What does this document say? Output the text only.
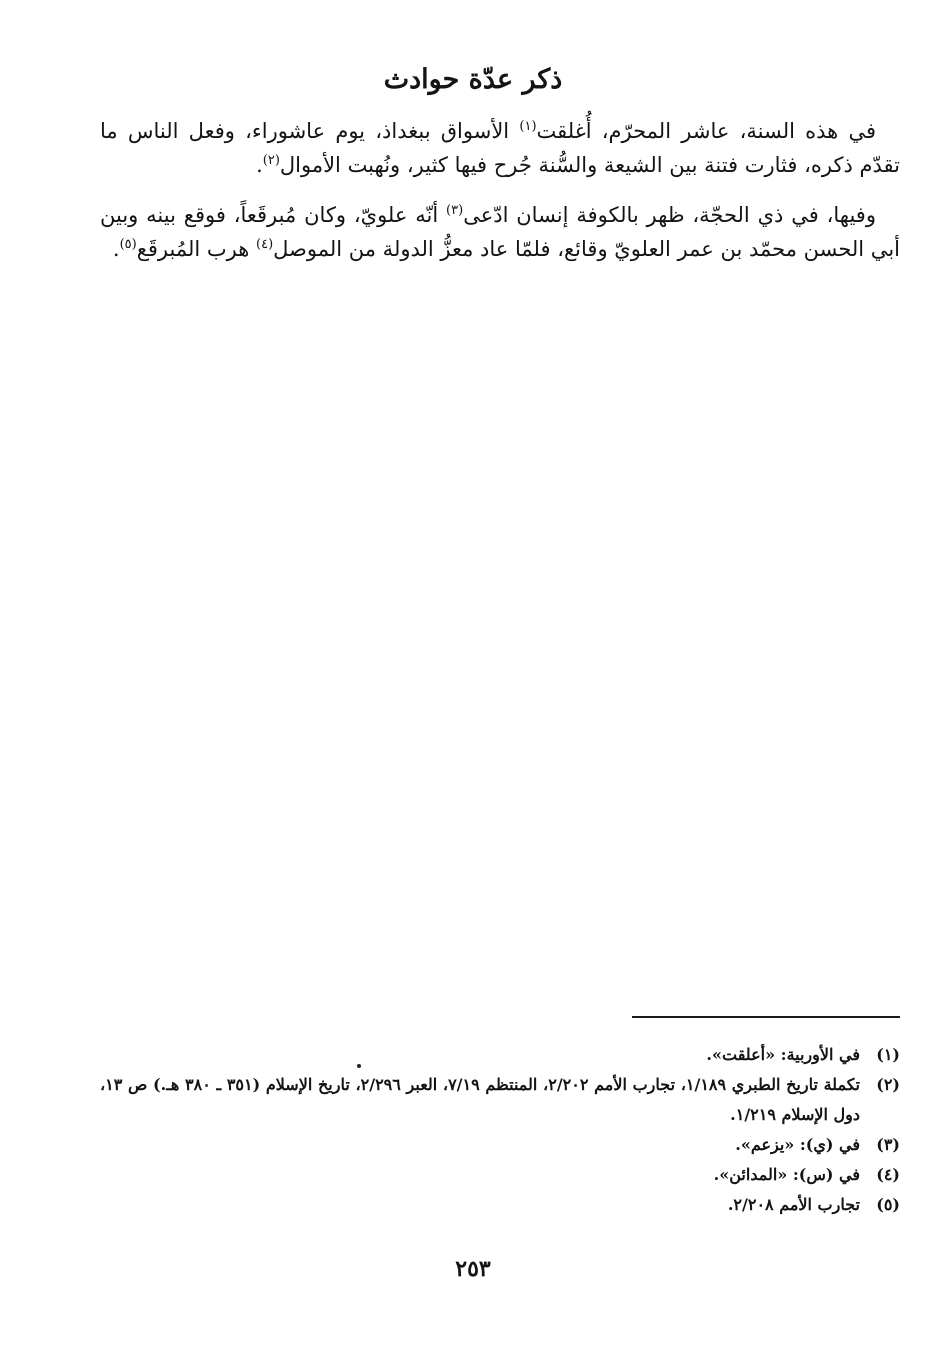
ذكر عدّة حوادث

في هذه السنة، عاشر المحرّم، أُغلقت$^{(١)}$ الأسواق ببغداذ، يوم عاشوراء، وفعل الناس ما تقدّم ذكره، فثارت فتنة بين الشيعة والسُّنة جُرح فيها كثير، ونُهبت الأموال$^{(٢)}$.

وفيها، في ذي الحجّة، ظهر بالكوفة إنسان ادّعى$^{(٣)}$ أنّه علويّ، وكان مُبرقَعاً، فوقع بينه وبين أبي الحسن محمّد بن عمر العلويّ وقائع، فلمّا عاد معزُّ الدولة من الموصل$^{(٤)}$ هرب المُبرقَع$^{(٥)}$.

(١)
في الأوربية: «أعلقت».
(٢)
تكملة تاريخ الطبري ١/١٨٩، تجارب الأمم ٢/٢٠٢، المنتظم ٧/١٩، العبر ٢/٢٩٦، تاريخ الإسلام (٣٥١ ـ ٣٨٠ هـ.) ص ١٣، دول الإسلام ١/٢١٩.
(٣)
في (ي): «يزعم».
(٤)
في (س): «المدائن».
(٥)
تجارب الأمم ٢/٢٠٨.
٢٥٣
